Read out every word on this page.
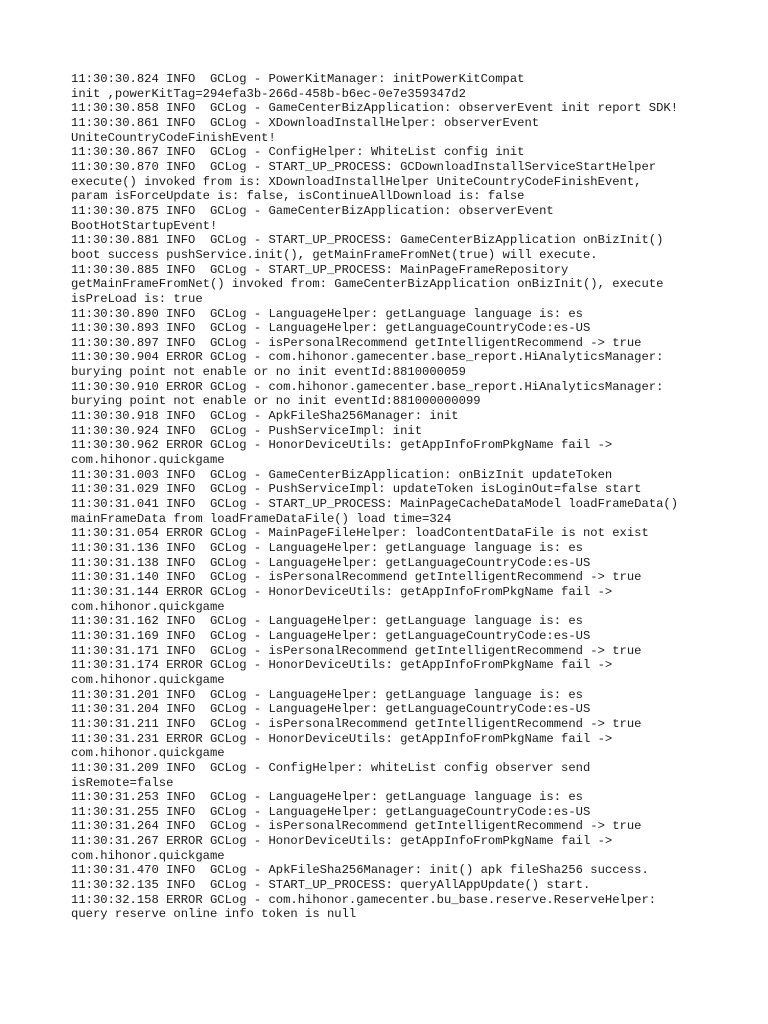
11:30:30.824 INFO  GCLog - PowerKitManager: initPowerKitCompat
init ,powerKitTag=294efa3b-266d-458b-b6ec-0e7e359347d2
11:30:30.858 INFO  GCLog - GameCenterBizApplication: observerEvent init report SDK!
11:30:30.861 INFO  GCLog - XDownloadInstallHelper: observerEvent
UniteCountryCodeFinishEvent!
11:30:30.867 INFO  GCLog - ConfigHelper: WhiteList config init
11:30:30.870 INFO  GCLog - START_UP_PROCESS: GCDownloadInstallServiceStartHelper
execute() invoked from is: XDownloadInstallHelper UniteCountryCodeFinishEvent,
param isForceUpdate is: false, isContinueAllDownload is: false
11:30:30.875 INFO  GCLog - GameCenterBizApplication: observerEvent
BootHotStartupEvent!
11:30:30.881 INFO  GCLog - START_UP_PROCESS: GameCenterBizApplication onBizInit()
boot success pushService.init(), getMainFrameFromNet(true) will execute.
11:30:30.885 INFO  GCLog - START_UP_PROCESS: MainPageFrameRepository
getMainFrameFromNet() invoked from: GameCenterBizApplication onBizInit(), execute
isPreLoad is: true
11:30:30.890 INFO  GCLog - LanguageHelper: getLanguage language is: es
11:30:30.893 INFO  GCLog - LanguageHelper: getLanguageCountryCode:es-US
11:30:30.897 INFO  GCLog - isPersonalRecommend getIntelligentRecommend -> true
11:30:30.904 ERROR GCLog - com.hihonor.gamecenter.base_report.HiAnalyticsManager:
burying point not enable or no init eventId:8810000059
11:30:30.910 ERROR GCLog - com.hihonor.gamecenter.base_report.HiAnalyticsManager:
burying point not enable or no init eventId:881000000099
11:30:30.918 INFO  GCLog - ApkFileSha256Manager: init
11:30:30.924 INFO  GCLog - PushServiceImpl: init
11:30:30.962 ERROR GCLog - HonorDeviceUtils: getAppInfoFromPkgName fail ->
com.hihonor.quickgame
11:30:31.003 INFO  GCLog - GameCenterBizApplication: onBizInit updateToken
11:30:31.029 INFO  GCLog - PushServiceImpl: updateToken isLoginOut=false start
11:30:31.041 INFO  GCLog - START_UP_PROCESS: MainPageCacheDataModel loadFrameData()
mainFrameData from loadFrameDataFile() load time=324
11:30:31.054 ERROR GCLog - MainPageFileHelper: loadContentDataFile is not exist
11:30:31.136 INFO  GCLog - LanguageHelper: getLanguage language is: es
11:30:31.138 INFO  GCLog - LanguageHelper: getLanguageCountryCode:es-US
11:30:31.140 INFO  GCLog - isPersonalRecommend getIntelligentRecommend -> true
11:30:31.144 ERROR GCLog - HonorDeviceUtils: getAppInfoFromPkgName fail ->
com.hihonor.quickgame
11:30:31.162 INFO  GCLog - LanguageHelper: getLanguage language is: es
11:30:31.169 INFO  GCLog - LanguageHelper: getLanguageCountryCode:es-US
11:30:31.171 INFO  GCLog - isPersonalRecommend getIntelligentRecommend -> true
11:30:31.174 ERROR GCLog - HonorDeviceUtils: getAppInfoFromPkgName fail ->
com.hihonor.quickgame
11:30:31.201 INFO  GCLog - LanguageHelper: getLanguage language is: es
11:30:31.204 INFO  GCLog - LanguageHelper: getLanguageCountryCode:es-US
11:30:31.211 INFO  GCLog - isPersonalRecommend getIntelligentRecommend -> true
11:30:31.231 ERROR GCLog - HonorDeviceUtils: getAppInfoFromPkgName fail ->
com.hihonor.quickgame
11:30:31.209 INFO  GCLog - ConfigHelper: whiteList config observer send
isRemote=false
11:30:31.253 INFO  GCLog - LanguageHelper: getLanguage language is: es
11:30:31.255 INFO  GCLog - LanguageHelper: getLanguageCountryCode:es-US
11:30:31.264 INFO  GCLog - isPersonalRecommend getIntelligentRecommend -> true
11:30:31.267 ERROR GCLog - HonorDeviceUtils: getAppInfoFromPkgName fail ->
com.hihonor.quickgame
11:30:31.470 INFO  GCLog - ApkFileSha256Manager: init() apk fileSha256 success.
11:30:32.135 INFO  GCLog - START_UP_PROCESS: queryAllAppUpdate() start.
11:30:32.158 ERROR GCLog - com.hihonor.gamecenter.bu_base.reserve.ReserveHelper:
query reserve online info token is null
